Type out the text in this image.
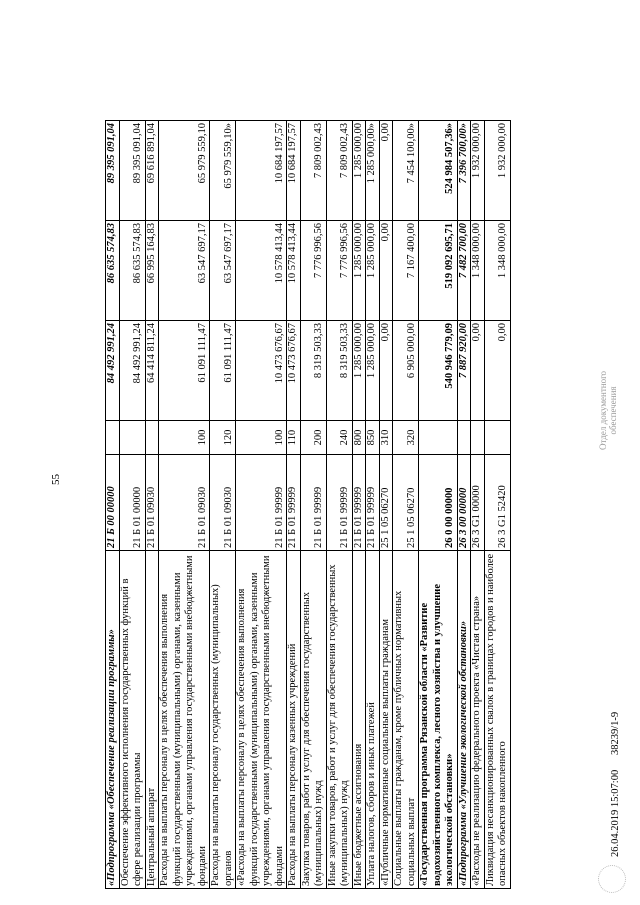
55
«Подпрограмма «Обеспечение реализации программы»	21 Б 00 00000		84 492 991,24	86 635 574,83	89 395 091,04
Обеспечение эффективного исполнения государственных функций в сфере реализации программы	21 Б 01 00000		84 492 991,24	86 635 574,83	89 395 091,04
Центральный аппарат	21 Б 01 09030		64 414 811,24	66 995 164,83	69 616 891,04
Расходы на выплаты персоналу в целях обеспечения выполнения функций государственными (муниципальными) органами, казенными учреждениями, органами управления государственными внебюджетными фондами	21 Б 01 09030	100	61 091 111,47	63 547 697,17	65 979 559,10
Расходы на выплаты персоналу государственных (муниципальных) органов	21 Б 01 09030	120	61 091 111,47	63 547 697,17	65 979 559,10»
«Расходы на выплаты персоналу в целях обеспечения выполнения функций государственными (муниципальными) органами, казенными учреждениями, органами управления государственными внебюджетными фондами	21 Б 01 99999	100	10 473 676,67	10 578 413,44	10 684 197,57
Расходы на выплаты персоналу казенных учреждений	21 Б 01 99999	110	10 473 676,67	10 578 413,44	10 684 197,57
Закупка товаров, работ и услуг для обеспечения государственных (муниципальных) нужд	21 Б 01 99999	200	8 319 503,33	7 776 996,56	7 809 002,43
Иные закупки товаров, работ и услуг для обеспечения государственных (муниципальных) нужд	21 Б 01 99999	240	8 319 503,33	7 776 996,56	7 809 002,43
Иные бюджетные ассигнования	21 Б 01 99999	800	1 285 000,00	1 285 000,00	1 285 000,00
Уплата налогов, сборов и иных платежей	21 Б 01 99999	850	1 285 000,00	1 285 000,00	1 285 000,00»
«Публичные нормативные социальные выплаты гражданам	25 1 05 06270	310	0,00	0,00	0,00
Социальные выплаты гражданам, кроме публичных нормативных социальных выплат	25 1 05 06270	320	6 905 000,00	7 167 400,00	7 454 100,00»
«Государственная программа Рязанской области «Развитие водохозяйственного комплекса, лесного хозяйства и улучшение экологической обстановки»	26 0 00 00000		540 946 779,09	519 092 695,71	524 984 507,36»
«Подпрограмма «Улучшение экологической обстановки»	26 3 00 00000		7 887 920,00	7 482 700,00	7 396 700,00»
«Расходы не реализацию федерального проекта «Чистая страна»	26 3 G1 00000		0,00	1 348 000,00	1 932 000,00
Ликвидация несанкционированных свалок в границах городов и наиболее опасных объектов накопленного	26 3 G1 52420		0,00	1 348 000,00	1 932 000,00
26.04.2019 15:07:00
38239/1-9
Отдел документного обеспечения
